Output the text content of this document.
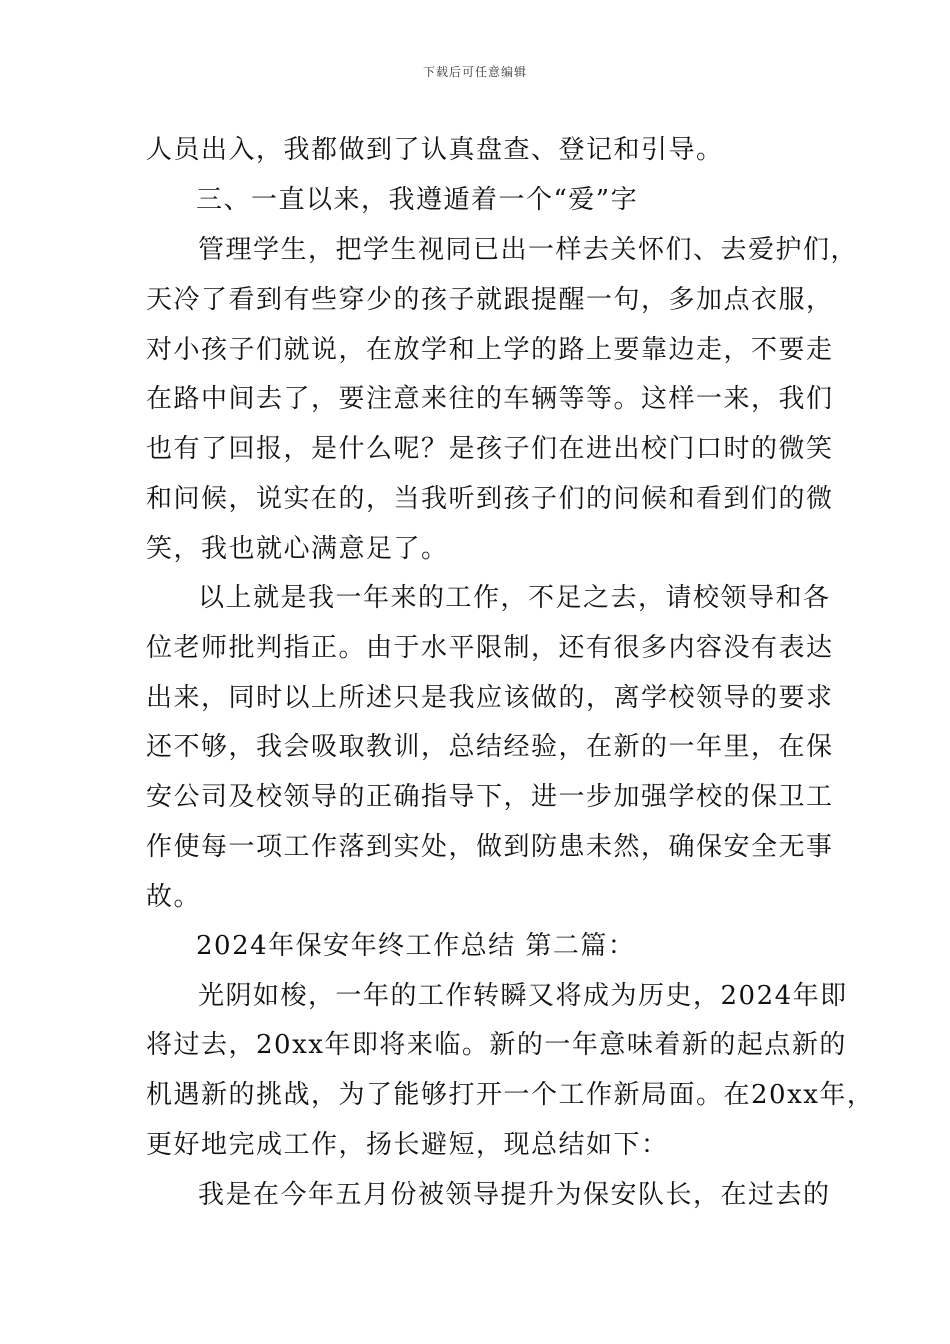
下载后可任意编辑
人员出入，我都做到了认真盘查、登记和引导。
三、一直以来，我遵遁着一个“爱”字
管理学生，把学生视同已出一样去关怀们、去爱护们，
天冷了看到有些穿少的孩子就跟提醒一句，多加点衣服，
对小孩子们就说，在放学和上学的路上要靠边走，不要走
在路中间去了，要注意来往的车辆等等。这样一来，我们
也有了回报，是什么呢？是孩子们在进出校门口时的微笑
和问候，说实在的，当我听到孩子们的问候和看到们的微
笑，我也就心满意足了。
以上就是我一年来的工作，不足之去，请校领导和各
位老师批判指正。由于水平限制，还有很多内容没有表达
出来，同时以上所述只是我应该做的，离学校领导的要求
还不够，我会吸取教训，总结经验，在新的一年里，在保
安公司及校领导的正确指导下，进一步加强学校的保卫工
作使每一项工作落到实处，做到防患未然，确保安全无事
故。
2024年保安年终工作总结 第二篇：
光阴如梭，一年的工作转瞬又将成为历史，2024年即
将过去，20xx年即将来临。新的一年意味着新的起点新的
机遇新的挑战，为了能够打开一个工作新局面。在20xx年，
更好地完成工作，扬长避短，现总结如下：
我是在今年五月份被领导提升为保安队长，在过去的
